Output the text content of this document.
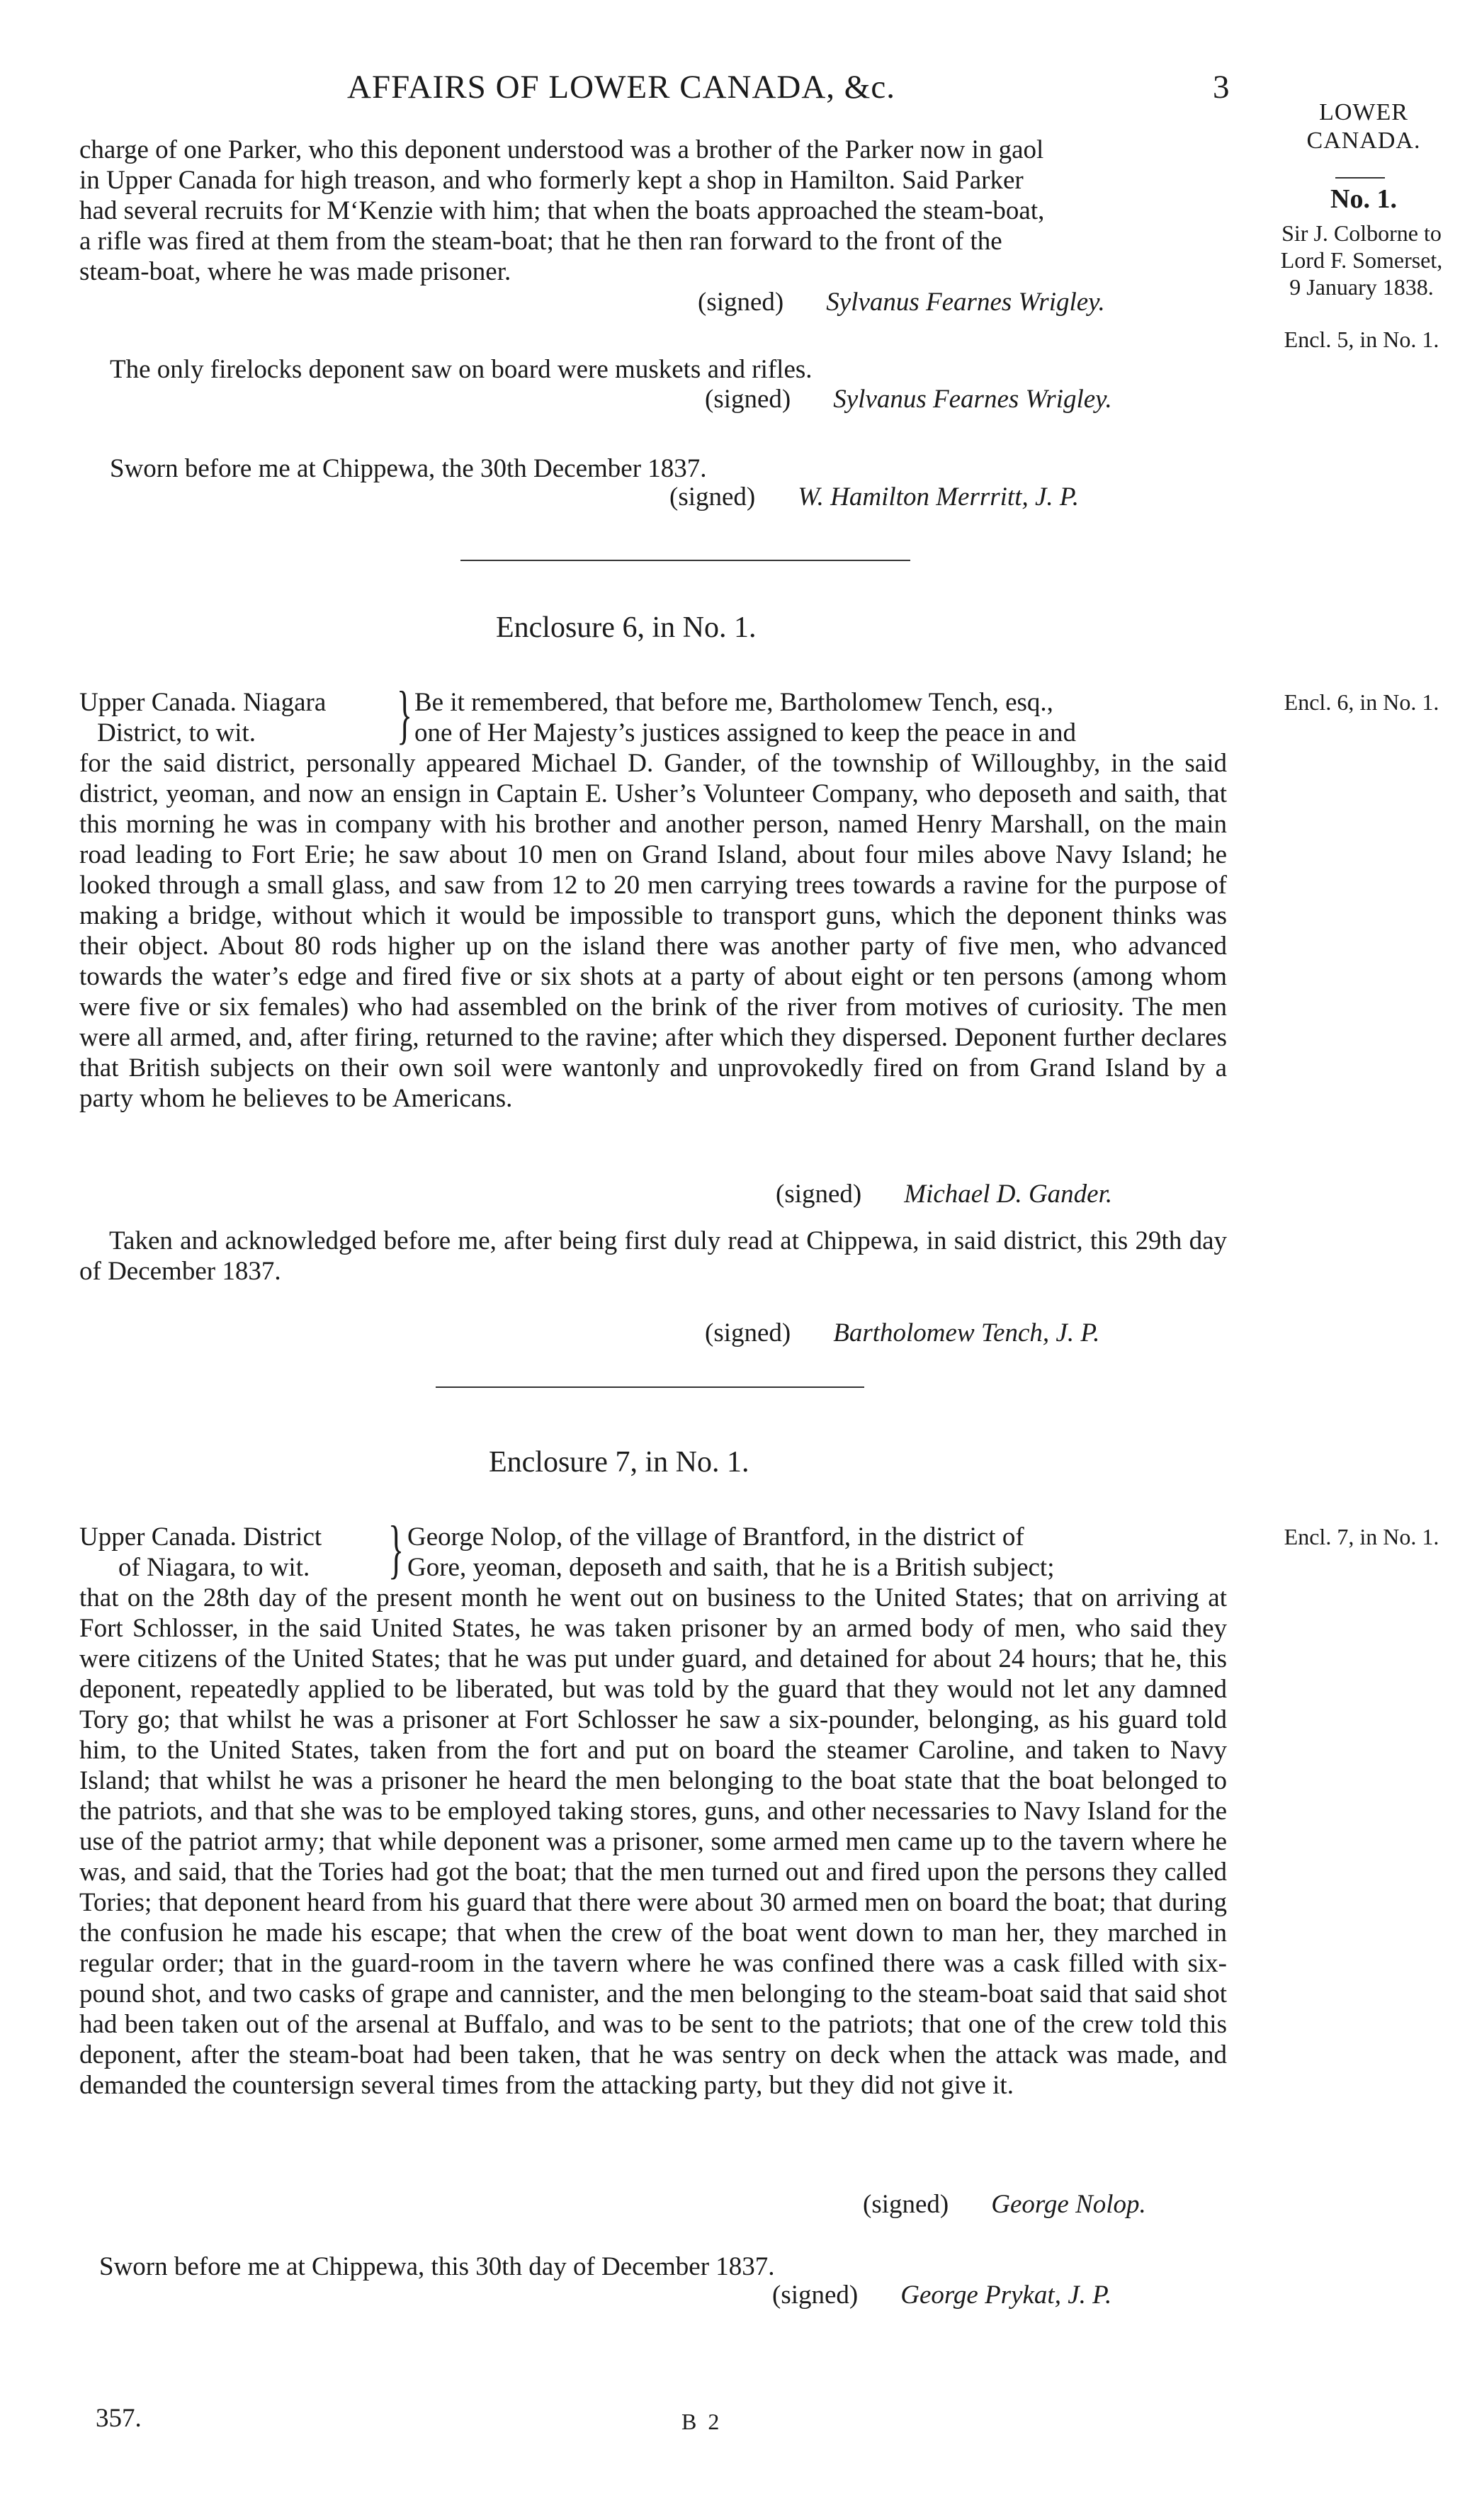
AFFAIRS OF LOWER CANADA, &c.	3
LOWER
CANADA.
No. 1.
Sir J. Colborne to
Lord F. Somerset,
9 January 1838.
Encl. 5, in No. 1.
Encl. 6, in No. 1.
Encl. 7, in No. 1.

charge of one Parker, who this deponent understood was a brother of the Parker now in gaol

in Upper Canada for high treason, and who formerly kept a shop in Hamilton. Said Parker

had several recruits for M‘Kenzie with him; that when the boats approached the steam-boat,

a rifle was fired at them from the steam-boat; that he then ran forward to the front of the

steam-boat, where he was made prisoner.

(signed) Sylvanus Fearnes Wrigley.
The only firelocks deponent saw on board were muskets and rifles.
(signed) Sylvanus Fearnes Wrigley.
Sworn before me at Chippewa, the 30th December 1837.
(signed) W. Hamilton Merrritt, J. P.
Enclosure 6, in No. 1.
Upper Canada. Niagara
District, to wit. } Be it remembered, that before me, Bartholomew Tench, esq.,

one of Her Majesty’s justices assigned to keep the peace in and

for the said district, personally appeared Michael D. Gander, of the township of Willoughby, in the said district, yeoman, and now an ensign in Captain E. Usher’s Volunteer Company, who deposeth and saith, that this morning he was in company with his brother and another person, named Henry Marshall, on the main road leading to Fort Erie; he saw about 10 men on Grand Island, about four miles above Navy Island; he looked through a small glass, and saw from 12 to 20 men carrying trees towards a ravine for the purpose of making a bridge, without which it would be impossible to transport guns, which the deponent thinks was their object. About 80 rods higher up on the island there was another party of five men, who advanced towards the water’s edge and fired five or six shots at a party of about eight or ten persons (among whom were five or six females) who had assembled on the brink of the river from motives of curiosity. The men were all armed, and, after firing, returned to the ravine; after which they dispersed. Deponent further declares that British subjects on their own soil were wantonly and unprovokedly fired on from Grand Island by a party whom he believes to be Americans.

(signed) Michael D. Gander.

Taken and acknowledged before me, after being first duly read at Chippewa, in said district, this 29th day of December 1837.

(signed) Bartholomew Tench, J. P.
Enclosure 7, in No. 1.
Upper Canada. District
of Niagara, to wit. } George Nolop, of the village of Brantford, in the district of

Gore, yeoman, deposeth and saith, that he is a British subject;

that on the 28th day of the present month he went out on business to the United States; that on arriving at Fort Schlosser, in the said United States, he was taken prisoner by an armed body of men, who said they were citizens of the United States; that he was put under guard, and detained for about 24 hours; that he, this deponent, repeatedly applied to be liberated, but was told by the guard that they would not let any damned Tory go; that whilst he was a prisoner at Fort Schlosser he saw a six-pounder, belonging, as his guard told him, to the United States, taken from the fort and put on board the steamer Caroline, and taken to Navy Island; that whilst he was a prisoner he heard the men belonging to the boat state that the boat belonged to the patriots, and that she was to be employed taking stores, guns, and other necessaries to Navy Island for the use of the patriot army; that while deponent was a prisoner, some armed men came up to the tavern where he was, and said, that the Tories had got the boat; that the men turned out and fired upon the persons they called Tories; that deponent heard from his guard that there were about 30 armed men on board the boat; that during the confusion he made his escape; that when the crew of the boat went down to man her, they marched in regular order; that in the guard-room in the tavern where he was confined there was a cask filled with six-pound shot, and two casks of grape and cannister, and the men belonging to the steam-boat said that said shot had been taken out of the arsenal at Buffalo, and was to be sent to the patriots; that one of the crew told this deponent, after the steam-boat had been taken, that he was sentry on deck when the attack was made, and demanded the countersign several times from the attacking party, but they did not give it.

(signed) George Nolop.
Sworn before me at Chippewa, this 30th day of December 1837.
(signed) George Prykat, J. P.
357.	B 2
